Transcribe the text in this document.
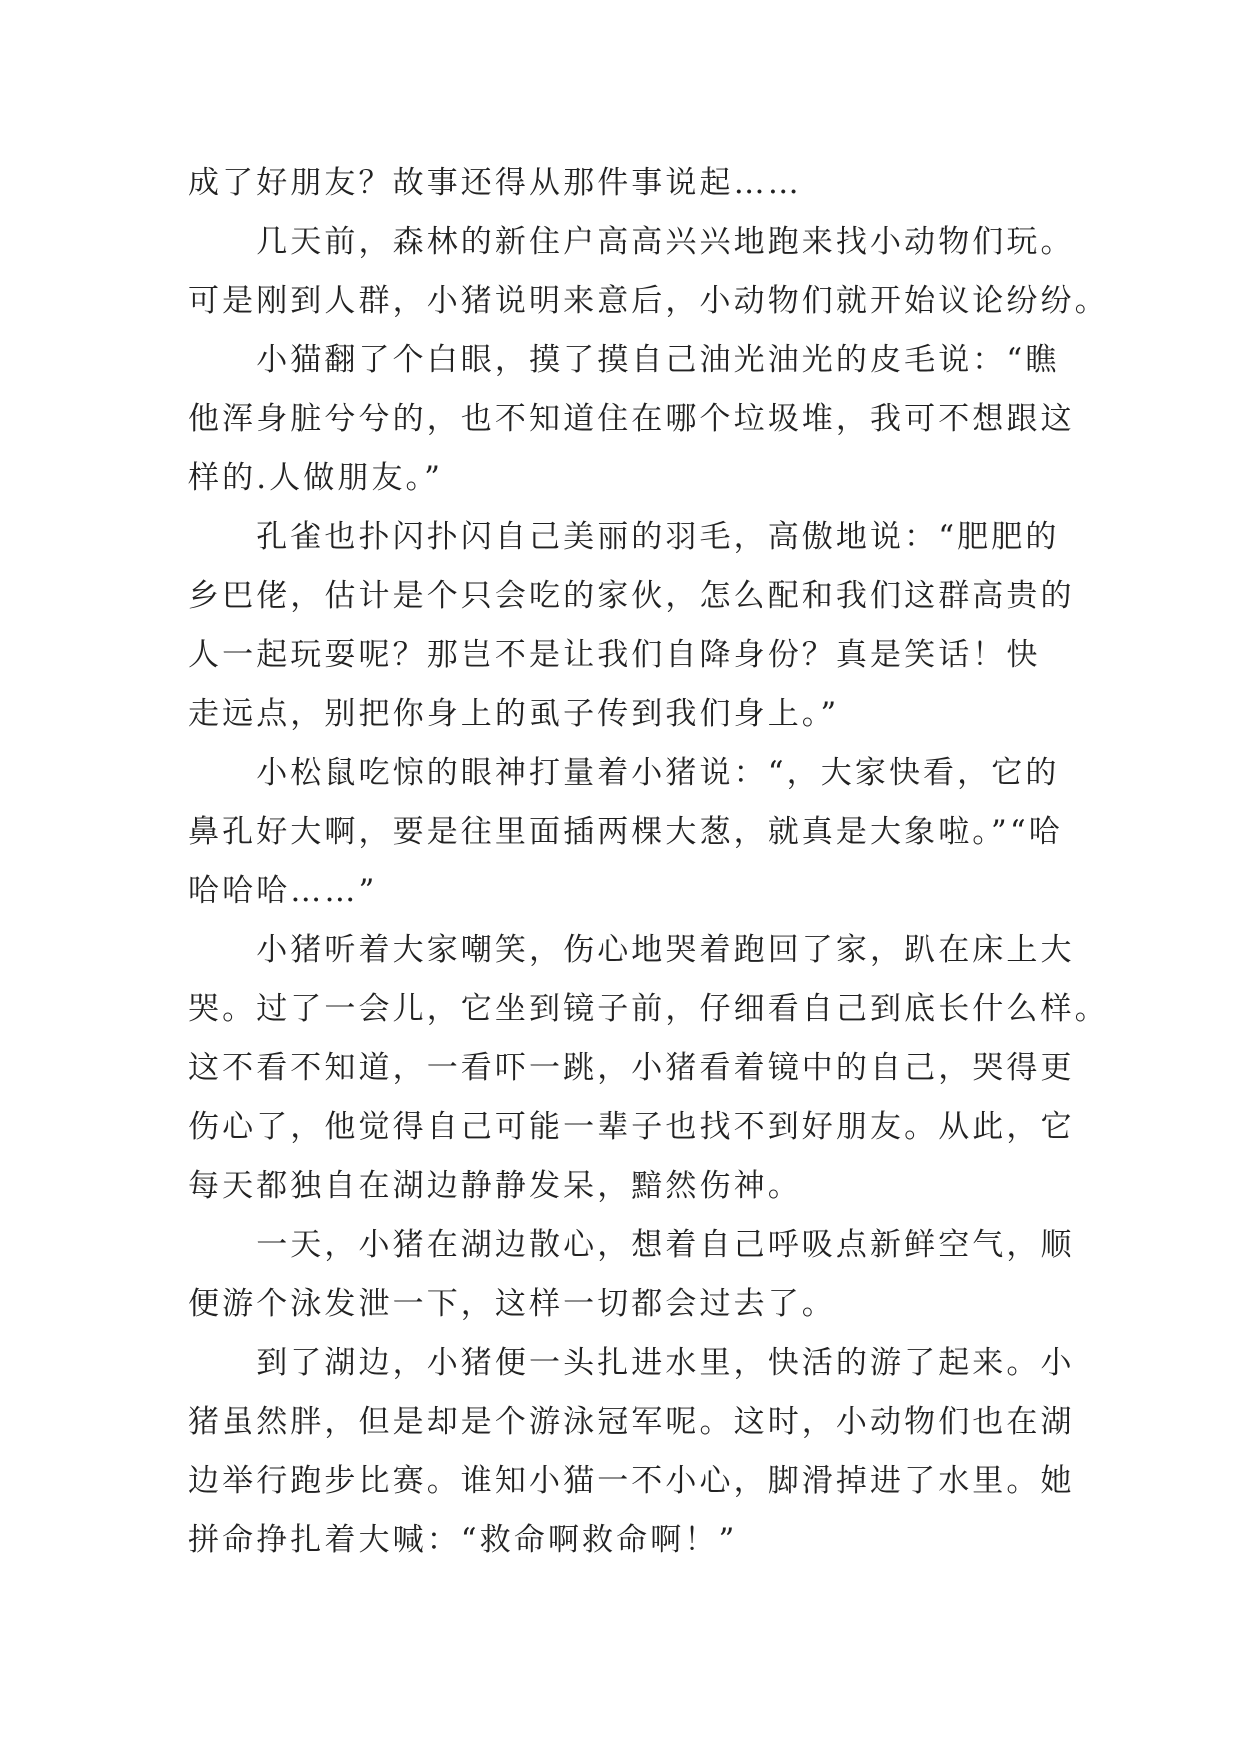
成了好朋友？故事还得从那件事说起……
　　几天前，森林的新住户高高兴兴地跑来找小动物们玩。
可是刚到人群，小猪说明来意后，小动物们就开始议论纷纷。
　　小猫翻了个白眼，摸了摸自己油光油光的皮毛说：“瞧
他浑身脏兮兮的，也不知道住在哪个垃圾堆，我可不想跟这
样的.人做朋友。”
　　孔雀也扑闪扑闪自己美丽的羽毛，高傲地说：“肥肥的
乡巴佬，估计是个只会吃的家伙，怎么配和我们这群高贵的
人一起玩耍呢？那岂不是让我们自降身份？真是笑话！快
走远点，别把你身上的虱子传到我们身上。”
　　小松鼠吃惊的眼神打量着小猪说：“，大家快看，它的
鼻孔好大啊，要是往里面插两棵大葱，就真是大象啦。”“哈
哈哈哈……”
　　小猪听着大家嘲笑，伤心地哭着跑回了家，趴在床上大
哭。过了一会儿，它坐到镜子前，仔细看自己到底长什么样。
这不看不知道，一看吓一跳，小猪看着镜中的自己，哭得更
伤心了，他觉得自己可能一辈子也找不到好朋友。从此，它
每天都独自在湖边静静发呆，黯然伤神。
　　一天，小猪在湖边散心，想着自己呼吸点新鲜空气，顺
便游个泳发泄一下，这样一切都会过去了。
　　到了湖边，小猪便一头扎进水里，快活的游了起来。小
猪虽然胖，但是却是个游泳冠军呢。这时，小动物们也在湖
边举行跑步比赛。谁知小猫一不小心，脚滑掉进了水里。她
拼命挣扎着大喊：“救命啊救命啊！”
